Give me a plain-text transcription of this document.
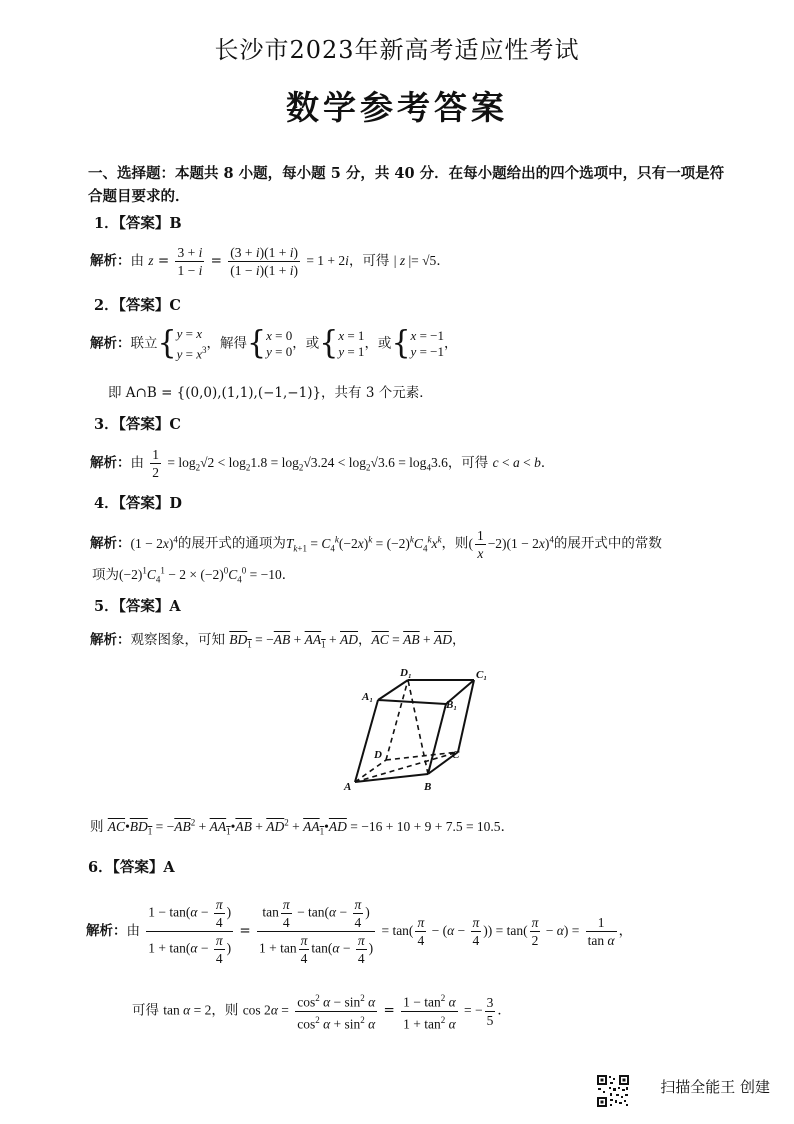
长沙市2023年新高考适应性考试
数学参考答案
一、选择题：本题共 8 小题，每小题 5 分，共 40 分．在每小题给出的四个选项中，只有一项是符合题目要求的．
1．【答案】B
解析：由 $z = \frac{3 + i}{1 - i} = \frac{(3 + i)(1 + i)}{(1 - i)(1 + i)} = 1 + 2i$，可得 | z |= √5．
2．【答案】C
解析：联立{y = x
$y = x^3$，解得{x = 0
y = 0，或{x = 1
y = 1，或{x = −1
y = −1，
即 A∩B = {(0,0),(1,1),(−1,−1)}，共有 3 个元素．
3．【答案】C
解析：由 $\frac{1}{2} = \log_2√2 < \log_21.8 = \log_2√3.24 < \log_2√3.6 = \log_43.6$，可得 c < a < b．
4．【答案】D
解析：$(1 - 2x)^4$的展开式的通项为$T_{k+1} = C_4^k(-2x)^k = (-2)^kC_4^kx^k$，则( $\frac{1}{x} -2)(1 - 2x)^4$的展开式中的常数
项为$(-2)^1C_4^1 - 2 \times (-2)^0C_4^0 = -10$．
5．【答案】A
解析：观察图象，可知 $BD_1 = -\overline{AB} + AA_1 + \overline{AD}$，$\overline{AC} = \overline{AB} + \overline{AD}$，
D₁	C₁
A₁
B₁
D	C
A	B
则 $\overline{AC}•BD_1 = -\overline{AB}^2$ + $AA_1•\overline{AB} + \overline{AD}^2$ + $AA_1•\overline{AD} = -16 + 10 + 9 + 7.5 = 10.5$．
6．【答案】A
解析：由 $\frac{1 - \tan(\alpha - \frac{\pi}{4} )}{1 + \tan(\alpha - \frac{\pi}{4} )} = \frac{\tan \frac{\pi}{4} - \tan(\alpha - \frac{\pi}{4} )}{1 + \tan \frac{\pi}{4} \tan(\alpha - \frac{\pi}{4} )} = \tan( \frac{\pi}{4} - (\alpha - \frac{\pi}{4}$ )) = $\tan( \frac{\pi}{2} - \alpha) = \frac{1}{\text{tan α}}$ ，
可得 tan α = 2，则 $\cos 2\alpha = \frac{\cos^2 \alpha - \sin^2 \alpha}{\cos^2 \alpha + \sin^2 \alpha} = \frac{1 - \tan^2 \alpha}{1 + \tan^2 \alpha}$ = − $\frac{3}{5}$ ．
扫描全能王 创建
